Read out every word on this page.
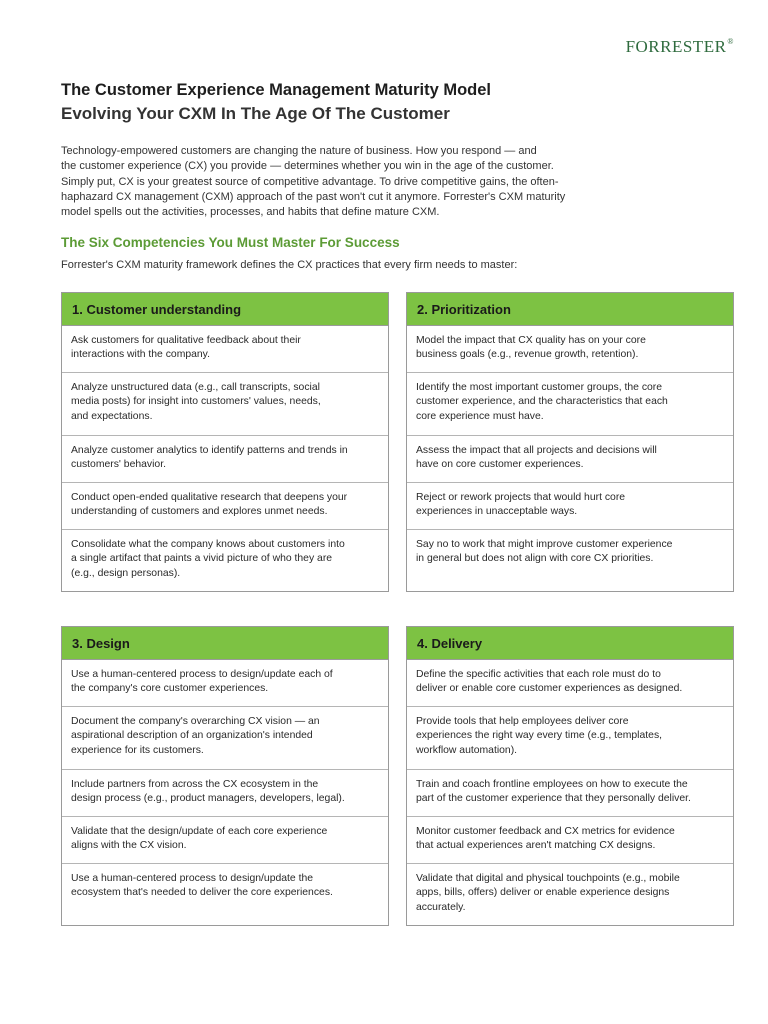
FORRESTER®
The Customer Experience Management Maturity Model
Evolving Your CXM In The Age Of The Customer
Technology-empowered customers are changing the nature of business. How you respond — and
the customer experience (CX) you provide — determines whether you win in the age of the customer.
Simply put, CX is your greatest source of competitive advantage. To drive competitive gains, the often-
haphazard CX management (CXM) approach of the past won't cut it anymore. Forrester's CXM maturity
model spells out the activities, processes, and habits that define mature CXM.
The Six Competencies You Must Master For Success
Forrester's CXM maturity framework defines the CX practices that every firm needs to master:
1. Customer understanding
Ask customers for qualitative feedback about their
interactions with the company.
Analyze unstructured data (e.g., call transcripts, social
media posts) for insight into customers' values, needs,
and expectations.
Analyze customer analytics to identify patterns and trends in
customers' behavior.
Conduct open-ended qualitative research that deepens your
understanding of customers and explores unmet needs.
Consolidate what the company knows about customers into
a single artifact that paints a vivid picture of who they are
(e.g., design personas).
2. Prioritization
Model the impact that CX quality has on your core
business goals (e.g., revenue growth, retention).
Identify the most important customer groups, the core
customer experience, and the characteristics that each
core experience must have.
Assess the impact that all projects and decisions will
have on core customer experiences.
Reject or rework projects that would hurt core
experiences in unacceptable ways.
Say no to work that might improve customer experience
in general but does not align with core CX priorities.
3. Design
Use a human-centered process to design/update each of
the company's core customer experiences.
Document the company's overarching CX vision — an
aspirational description of an organization's intended
experience for its customers.
Include partners from across the CX ecosystem in the
design process (e.g., product managers, developers, legal).
Validate that the design/update of each core experience
aligns with the CX vision.
Use a human-centered process to design/update the
ecosystem that's needed to deliver the core experiences.
4. Delivery
Define the specific activities that each role must do to
deliver or enable core customer experiences as designed.
Provide tools that help employees deliver core
experiences the right way every time (e.g., templates,
workflow automation).
Train and coach frontline employees on how to execute the
part of the customer experience that they personally deliver.
Monitor customer feedback and CX metrics for evidence
that actual experiences aren't matching CX designs.
Validate that digital and physical touchpoints (e.g., mobile
apps, bills, offers) deliver or enable experience designs
accurately.
